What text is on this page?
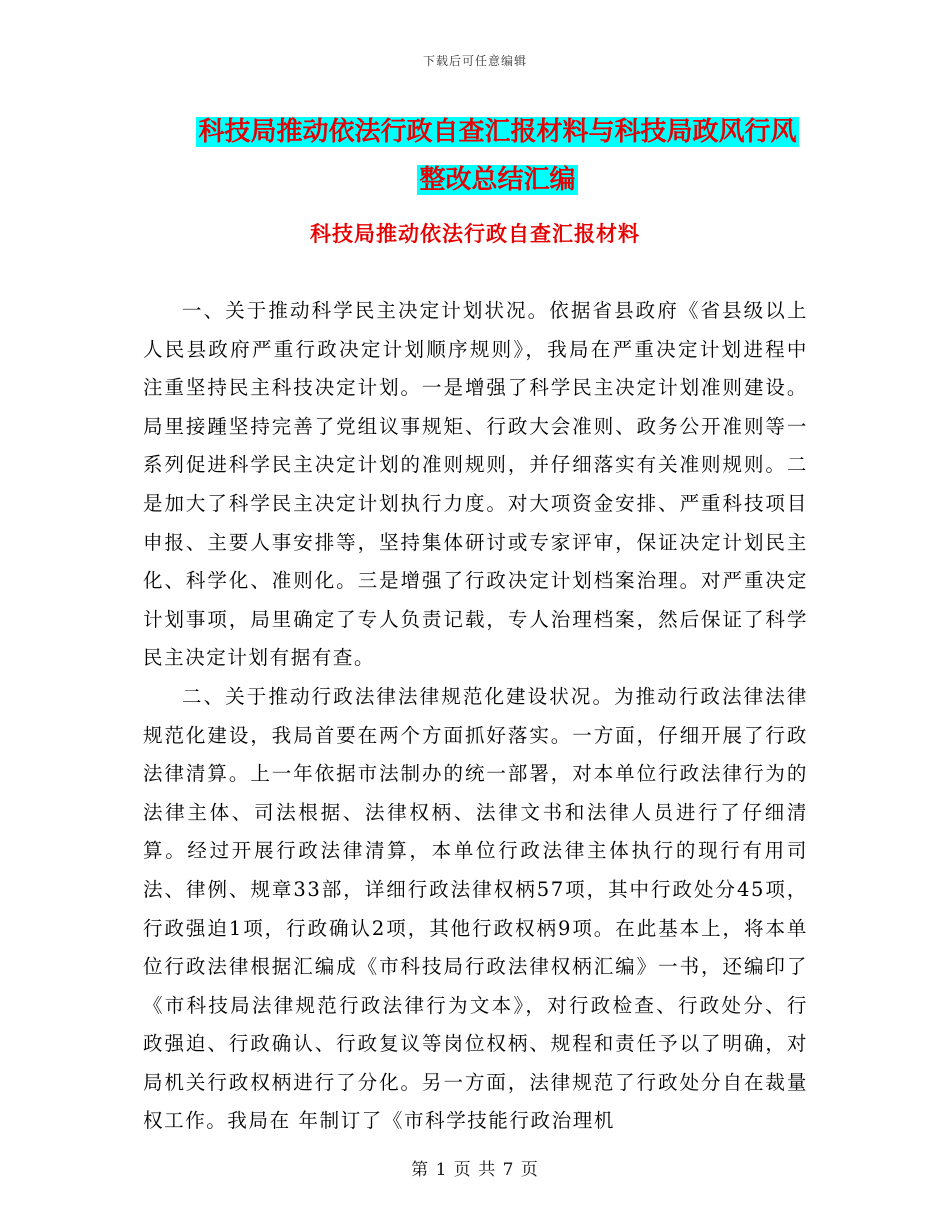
下载后可任意编辑
科技局推动依法行政自查汇报材料与科技局政风行风
整改总结汇编
科技局推动依法行政自查汇报材料

一、关于推动科学民主决定计划状况。依据省县政府《省县级以上人民县政府严重行政决定计划顺序规则》，我局在严重决定计划进程中注重坚持民主科技决定计划。一是增强了科学民主决定计划准则建设。局里接踵坚持完善了党组议事规矩、行政大会准则、政务公开准则等一系列促进科学民主决定计划的准则规则，并仔细落实有关准则规则。二是加大了科学民主决定计划执行力度。对大项资金安排、严重科技项目申报、主要人事安排等，坚持集体研讨或专家评审，保证决定计划民主化、科学化、准则化。三是增强了行政决定计划档案治理。对严重决定计划事项，局里确定了专人负责记载，专人治理档案，然后保证了科学民主决定计划有据有查。

二、关于推动行政法律法律规范化建设状况。为推动行政法律法律规范化建设，我局首要在两个方面抓好落实。一方面，仔细开展了行政法律清算。上一年依据市法制办的统一部署，对本单位行政法律行为的法律主体、司法根据、法律权柄、法律文书和法律人员进行了仔细清算。经过开展行政法律清算，本单位行政法律主体执行的现行有用司法、律例、规章33部，详细行政法律权柄57项，其中行政处分45项，行政强迫1项，行政确认2项，其他行政权柄9项。在此基本上，将本单位行政法律根据汇编成《市科技局行政法律权柄汇编》一书，还编印了《市科技局法律规范行政法律行为文本》，对行政检查、行政处分、行政强迫、行政确认、行政复议等岗位权柄、规程和责任予以了明确，对局机关行政权柄进行了分化。另一方面，法律规范了行政处分自在裁量权工作。我局在 年制订了《市科学技能行政治理机

第 1 页 共 7 页
